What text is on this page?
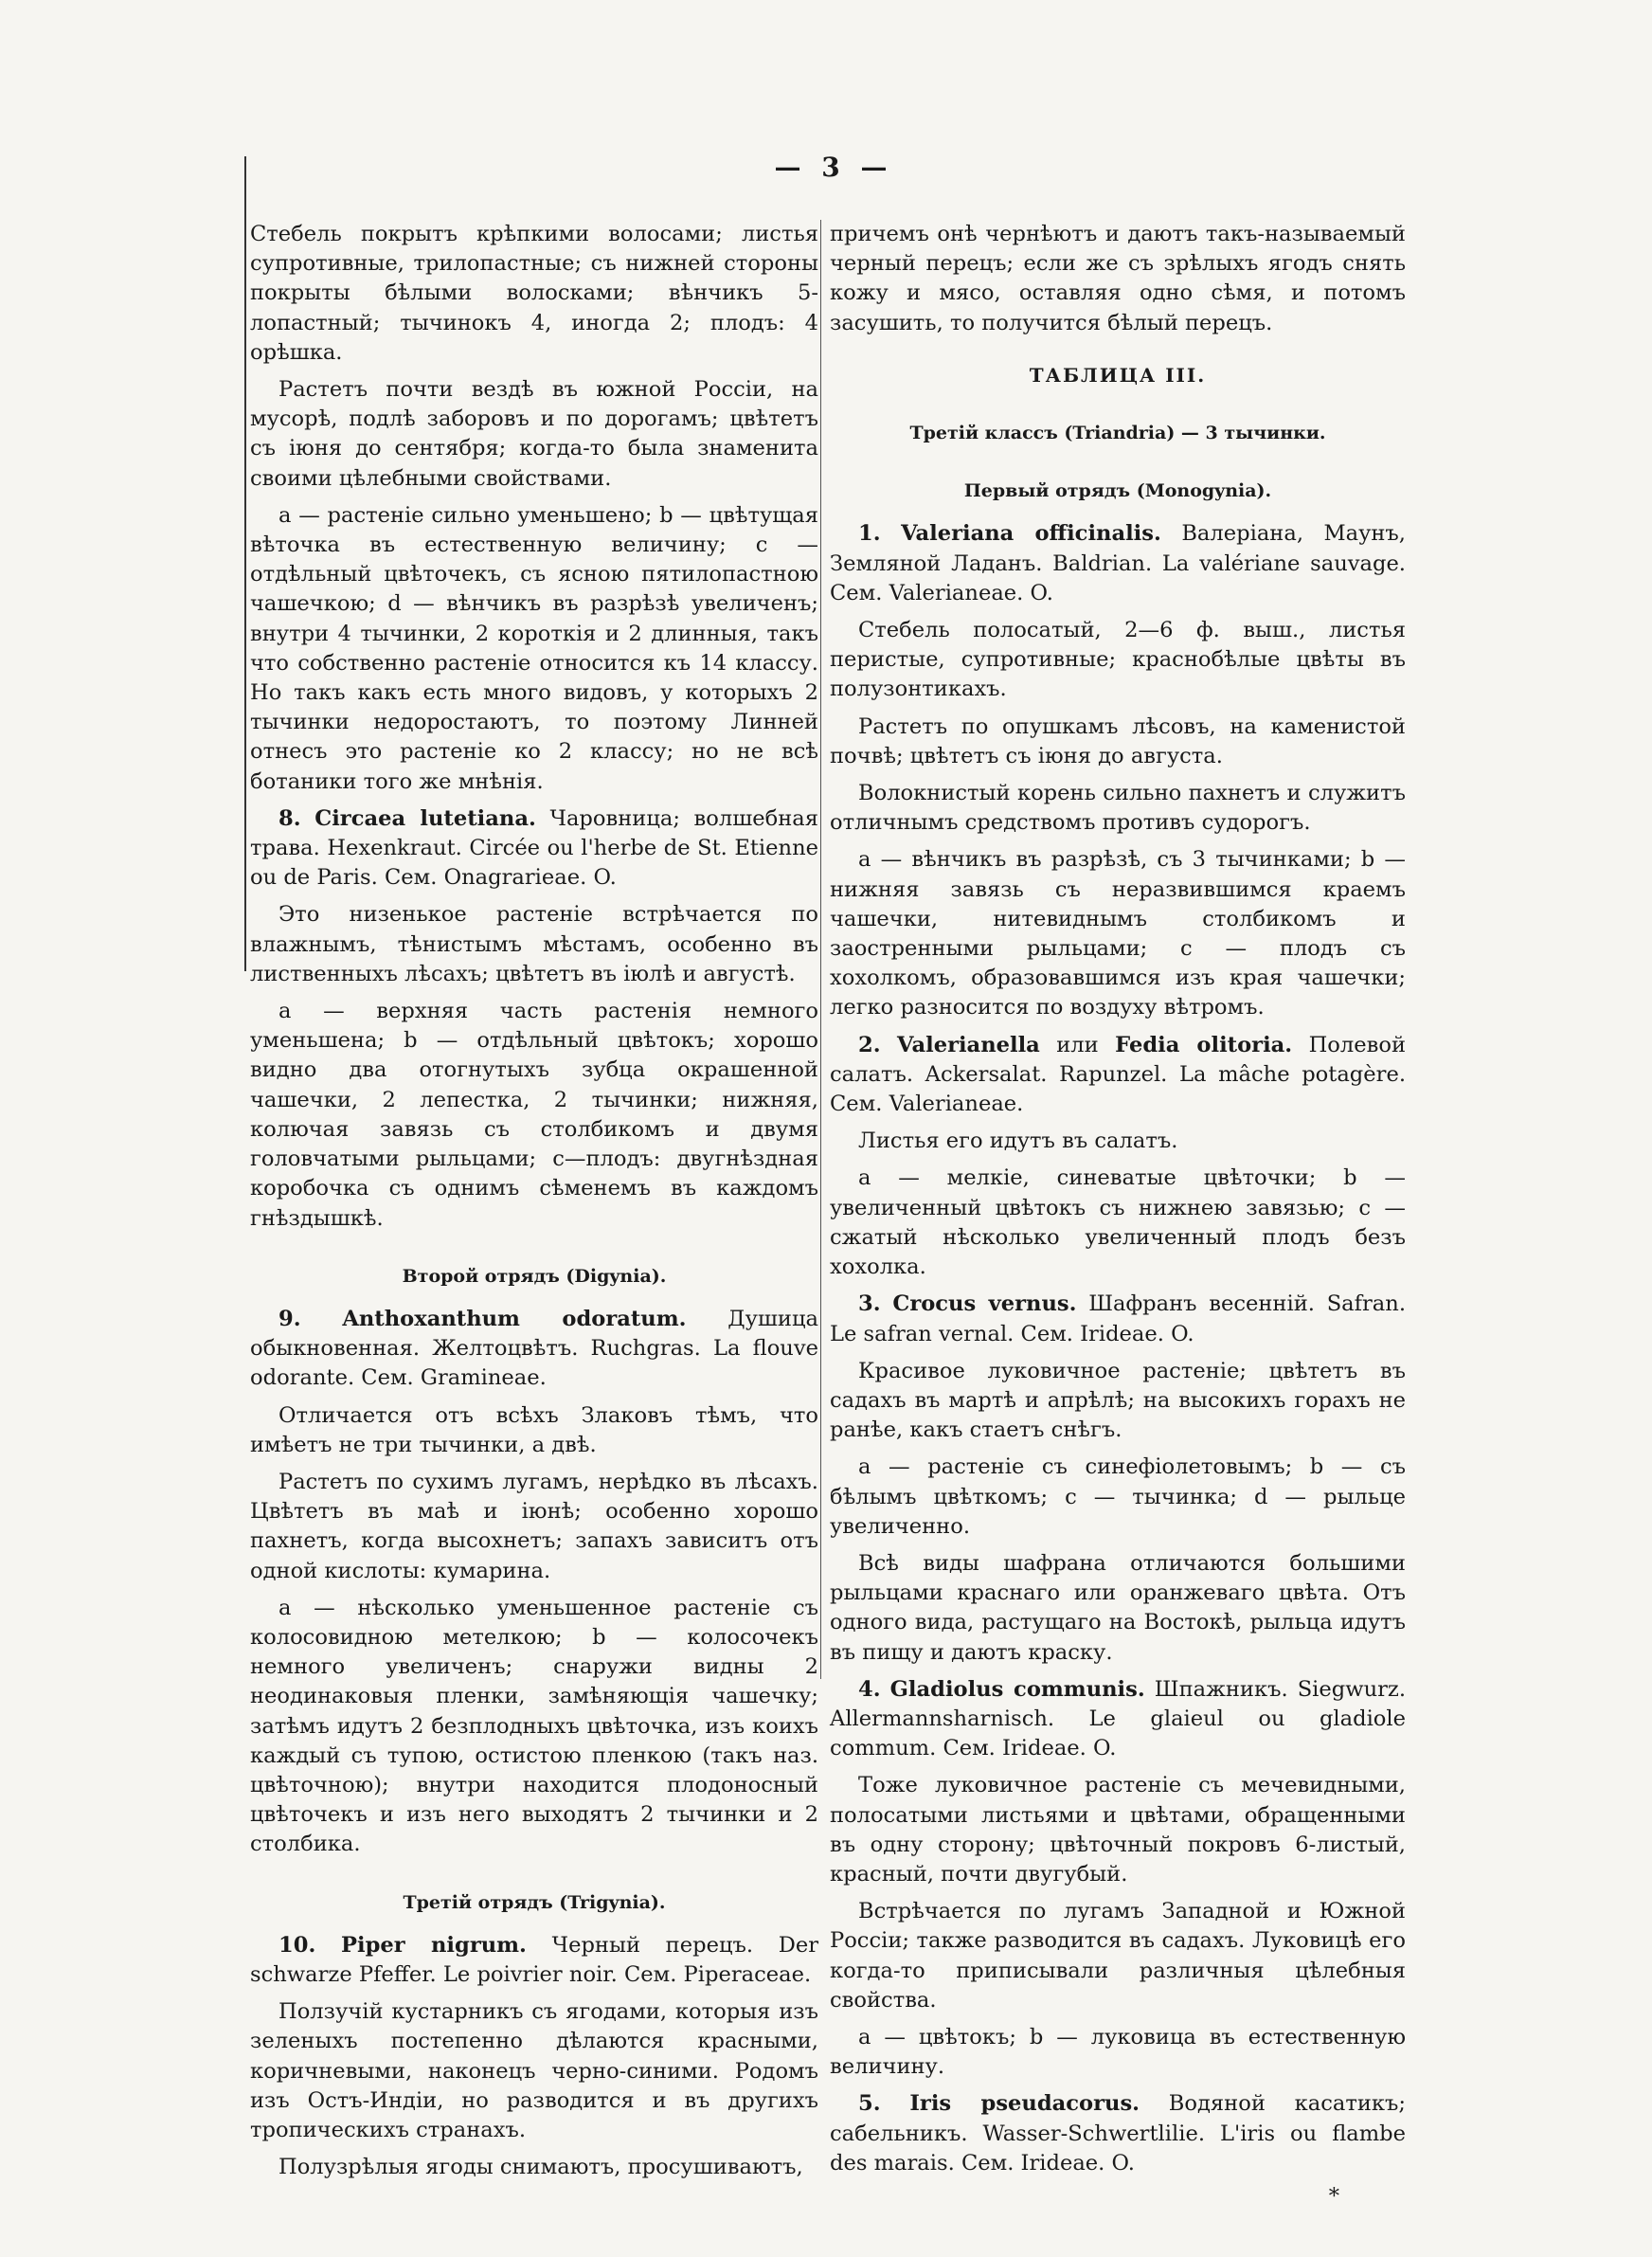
— 3 —

Стебель покрытъ крѣпкими волосами; листья супротивные, трилопастные; съ нижней стороны покрыты бѣлыми волосками; вѣнчикъ 5-лопастный; тычинокъ 4, иногда 2; плодъ: 4 орѣшка.

Растетъ почти вездѣ въ южной Россіи, на мусорѣ, подлѣ заборовъ и по дорогамъ; цвѣтетъ съ іюня до сентября; когда-то была знаменита своими цѣлебными свойствами.

a — растеніе сильно уменьшено; b — цвѣтущая вѣточка въ естественную величину; c — отдѣльный цвѣточекъ, съ ясною пятилопастною чашечкою; d — вѣнчикъ въ разрѣзѣ увеличенъ; внутри 4 тычинки, 2 короткія и 2 длинныя, такъ что собственно растеніе относится къ 14 классу. Но такъ какъ есть много видовъ, у которыхъ 2 тычинки недоростаютъ, то поэтому Линней отнесъ это растеніе ко 2 классу; но не всѣ ботаники того же мнѣнія.

8. Circaea lutetiana. Чаровница; волшебная трава. Hexenkraut. Circée ou l'herbe de St. Etienne ou de Paris. Сем. Onagrarieae. O.

Это низенькое растеніе встрѣчается по влажнымъ, тѣнистымъ мѣстамъ, особенно въ лиственныхъ лѣсахъ; цвѣтетъ въ іюлѣ и августѣ.

a — верхняя часть растенія немного уменьшена; b — отдѣльный цвѣтокъ; хорошо видно два отогнутыхъ зубца окрашенной чашечки, 2 лепестка, 2 тычинки; нижняя, колючая завязь съ столбикомъ и двумя головчатыми рыльцами; c—плодъ: двугнѣздная коробочка съ однимъ сѣменемъ въ каждомъ гнѣздышкѣ.

Второй отрядъ (Digynia).

9. Anthoxanthum odoratum. Душица обыкновенная. Желтоцвѣтъ. Ruchgras. La flouve odorante. Сем. Gramineae.

Отличается отъ всѣхъ Злаковъ тѣмъ, что имѣетъ не три тычинки, а двѣ.

Растетъ по сухимъ лугамъ, нерѣдко въ лѣсахъ. Цвѣтетъ въ маѣ и іюнѣ; особенно хорошо пахнетъ, когда высохнетъ; запахъ зависитъ отъ одной кислоты: кумарина.

a — нѣсколько уменьшенное растеніе съ колосовидною метелкою; b — колосочекъ немного увеличенъ; снаружи видны 2 неодинаковыя пленки, замѣняющія чашечку; затѣмъ идутъ 2 безплодныхъ цвѣточка, изъ коихъ каждый съ тупою, остистою пленкою (такъ наз. цвѣточною); внутри находится плодоносный цвѣточекъ и изъ него выходятъ 2 тычинки и 2 столбика.

Третій отрядъ (Trigynia).

10. Piper nigrum. Черный перецъ. Der schwarze Pfeffer. Le poivrier noir. Сем. Piperaceae.

Ползучій кустарникъ съ ягодами, которыя изъ зеленыхъ постепенно дѣлаются красными, коричневыми, наконецъ черно-синими. Родомъ изъ Остъ-Индіи, но разводится и въ другихъ тропическихъ странахъ.

Полузрѣлыя ягоды снимаютъ, просушиваютъ,

причемъ онѣ чернѣютъ и даютъ такъ-называемый черный перецъ; если же съ зрѣлыхъ ягодъ снять кожу и мясо, оставляя одно сѣмя, и потомъ засушить, то получится бѣлый перецъ.

ТАБЛИЦА III.

Третій классъ (Triandria) — 3 тычинки.

Первый отрядъ (Monogynia).

1. Valeriana officinalis. Валеріана, Маунъ, Земляной Ладанъ. Baldrian. La valériane sauvage. Сем. Valerianeae. O.

Стебель полосатый, 2—6 ф. выш., листья перистые, супротивные; краснобѣлые цвѣты въ полузонтикахъ.

Растетъ по опушкамъ лѣсовъ, на каменистой почвѣ; цвѣтетъ съ іюня до августа.

Волокнистый корень сильно пахнетъ и служитъ отличнымъ средствомъ противъ судорогъ.

a — вѣнчикъ въ разрѣзѣ, съ 3 тычинками; b — нижняя завязь съ неразвившимся краемъ чашечки, нитевиднымъ столбикомъ и заостренными рыльцами; c — плодъ съ хохолкомъ, образовавшимся изъ края чашечки; легко разносится по воздуху вѣтромъ.

2. Valerianella или Fedia olitoria. Полевой салатъ. Ackersalat. Rapunzel. La mâche potagère. Сем. Valerianeae.

Листья его идутъ въ салатъ.

a — мелкіе, синеватые цвѣточки; b — увеличенный цвѣтокъ съ нижнею завязью; c — сжатый нѣсколько увеличенный плодъ безъ хохолка.

3. Crocus vernus. Шафранъ весенній. Safran. Le safran vernal. Сем. Irideae. O.

Красивое луковичное растеніе; цвѣтетъ въ садахъ въ мартѣ и апрѣлѣ; на высокихъ горахъ не ранѣе, какъ стаетъ снѣгъ.

a — растеніе съ синефіолетовымъ; b — съ бѣлымъ цвѣткомъ; c — тычинка; d — рыльце увеличенно.

Всѣ виды шафрана отличаются большими рыльцами краснаго или оранжеваго цвѣта. Отъ одного вида, растущаго на Востокѣ, рыльца идутъ въ пищу и даютъ краску.

4. Gladiolus communis. Шпажникъ. Siegwurz. Allermannsharnisch. Le glaieul ou gladiole commum. Сем. Irideae. O.

Тоже луковичное растеніе съ мечевидными, полосатыми листьями и цвѣтами, обращенными въ одну сторону; цвѣточный покровъ 6-листый, красный, почти двугубый.

Встрѣчается по лугамъ Западной и Южной Россіи; также разводится въ садахъ. Луковицѣ его когда-то приписывали различныя цѣлебныя свойства.

a — цвѣтокъ; b — луковица въ естественную величину.

5. Iris pseudacorus. Водяной касатикъ; сабельникъ. Wasser-Schwertlilie. L'iris ou flambe des marais. Сем. Irideae. O.

*
